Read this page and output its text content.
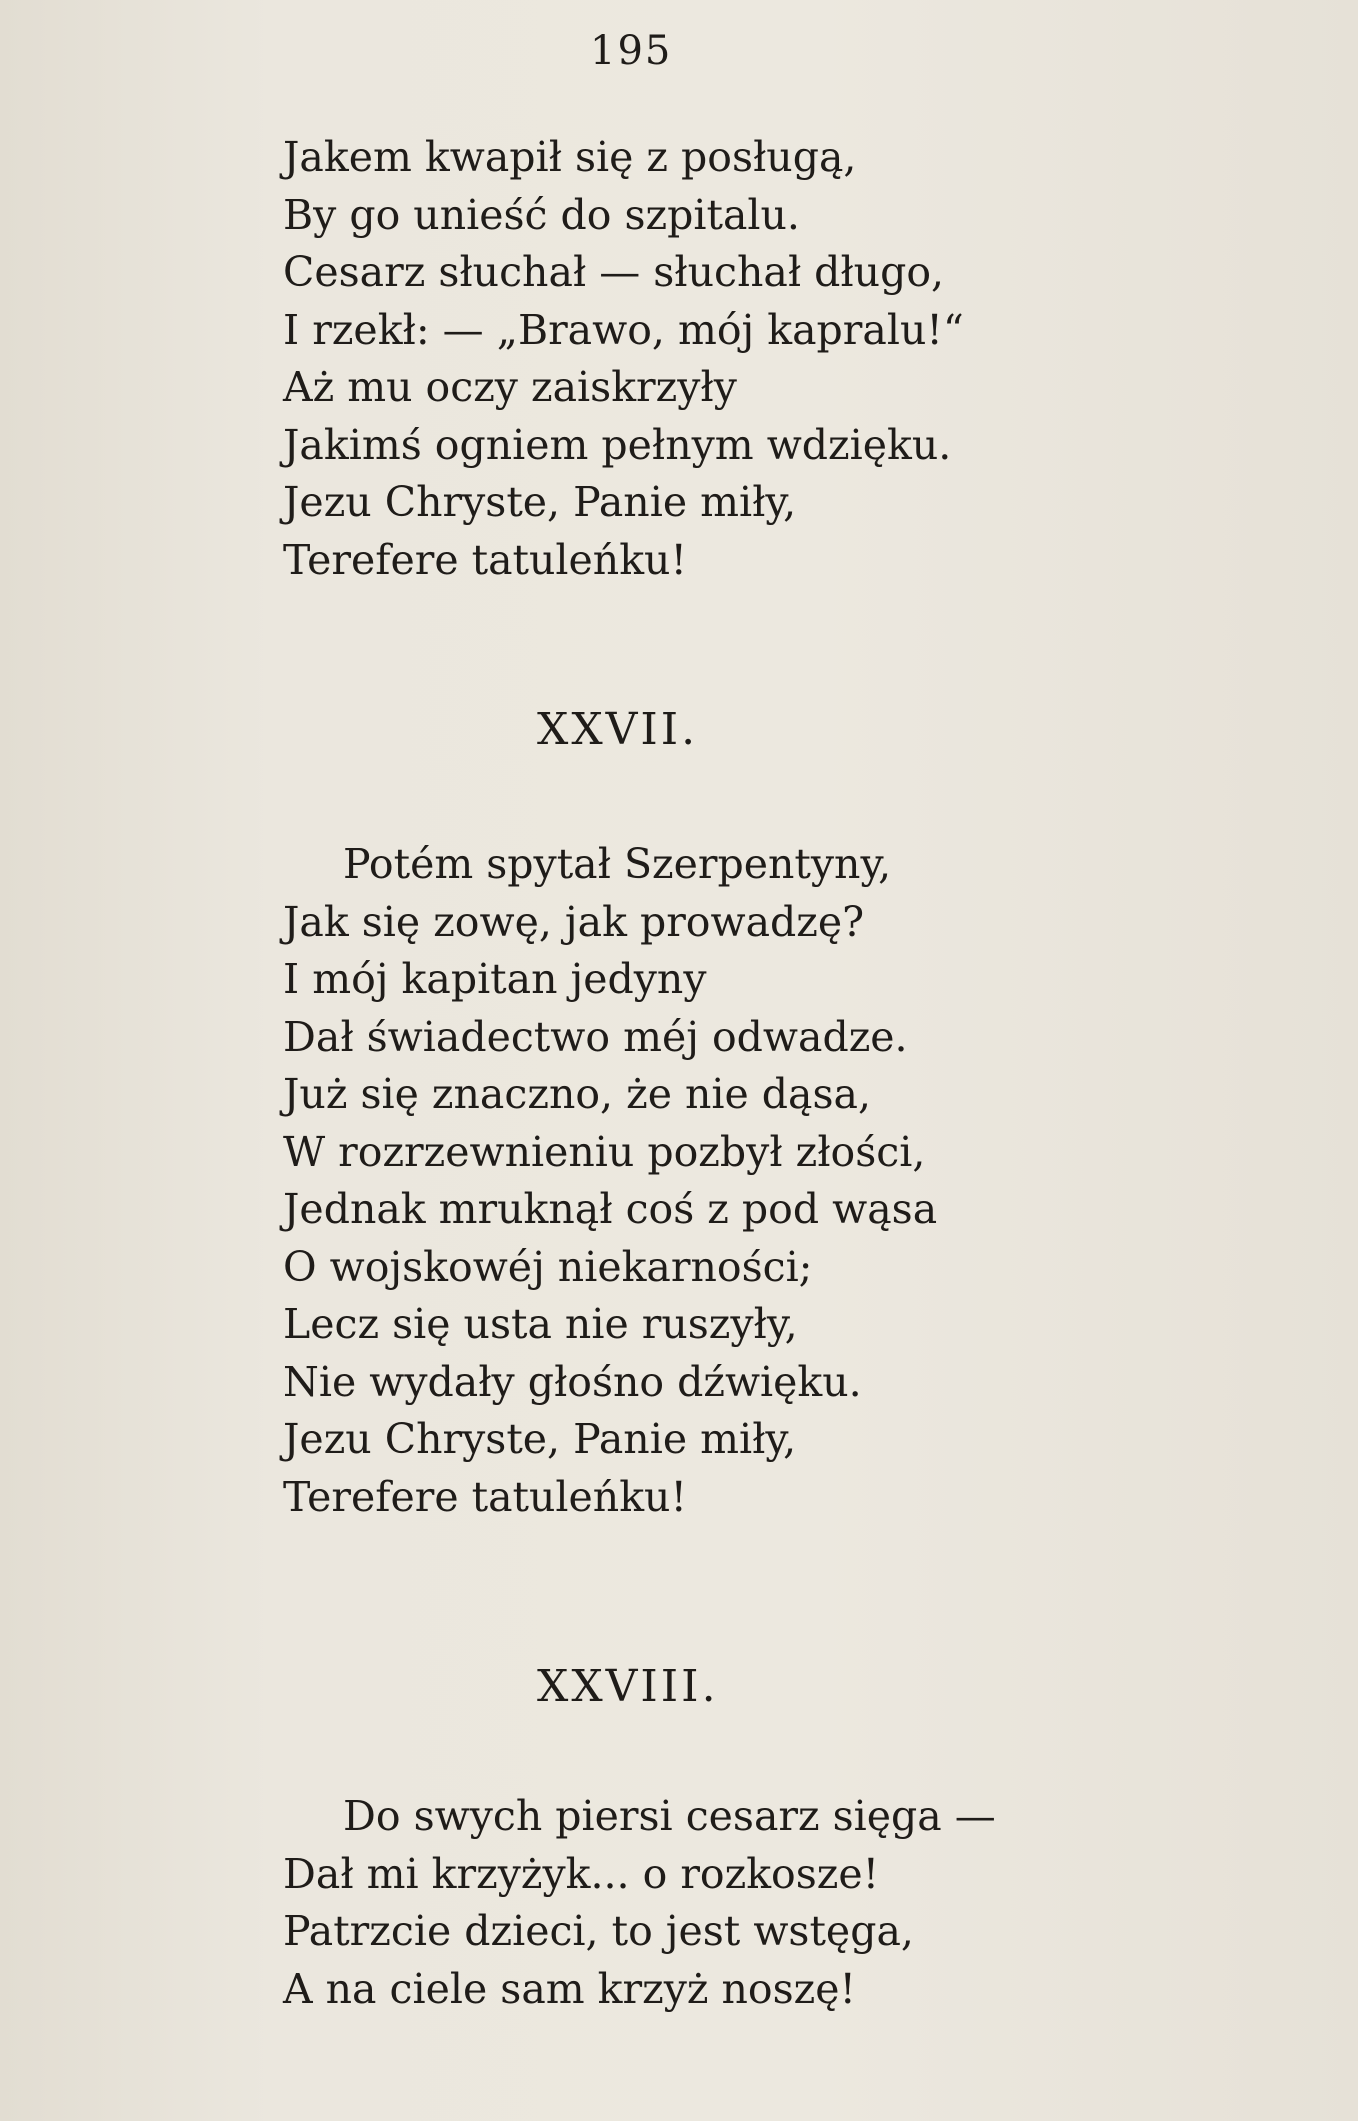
195
Jakem kwapił się z posługą,
By go unieść do szpitalu.
Cesarz słuchał — słuchał długo,
I rzekł: — „Brawo, mój kapralu!“
Aż mu oczy zaiskrzyły
Jakimś ogniem pełnym wdzięku.
Jezu Chryste, Panie miły,
Terefere tatuleńku!
XXVII.
Potém spytał Szerpentyny,
Jak się zowę, jak prowadzę?
I mój kapitan jedyny
Dał świadectwo méj odwadze.
Już się znaczno, że nie dąsa,
W rozrzewnieniu pozbył złości,
Jednak mruknął coś z pod wąsa
O wojskowéj niekarności;
Lecz się usta nie ruszyły,
Nie wydały głośno dźwięku.
Jezu Chryste, Panie miły,
Terefere tatuleńku!
XXVIII.
Do swych piersi cesarz sięga —
Dał mi krzyżyk... o rozkosze!
Patrzcie dzieci, to jest wstęga,
A na ciele sam krzyż noszę!
